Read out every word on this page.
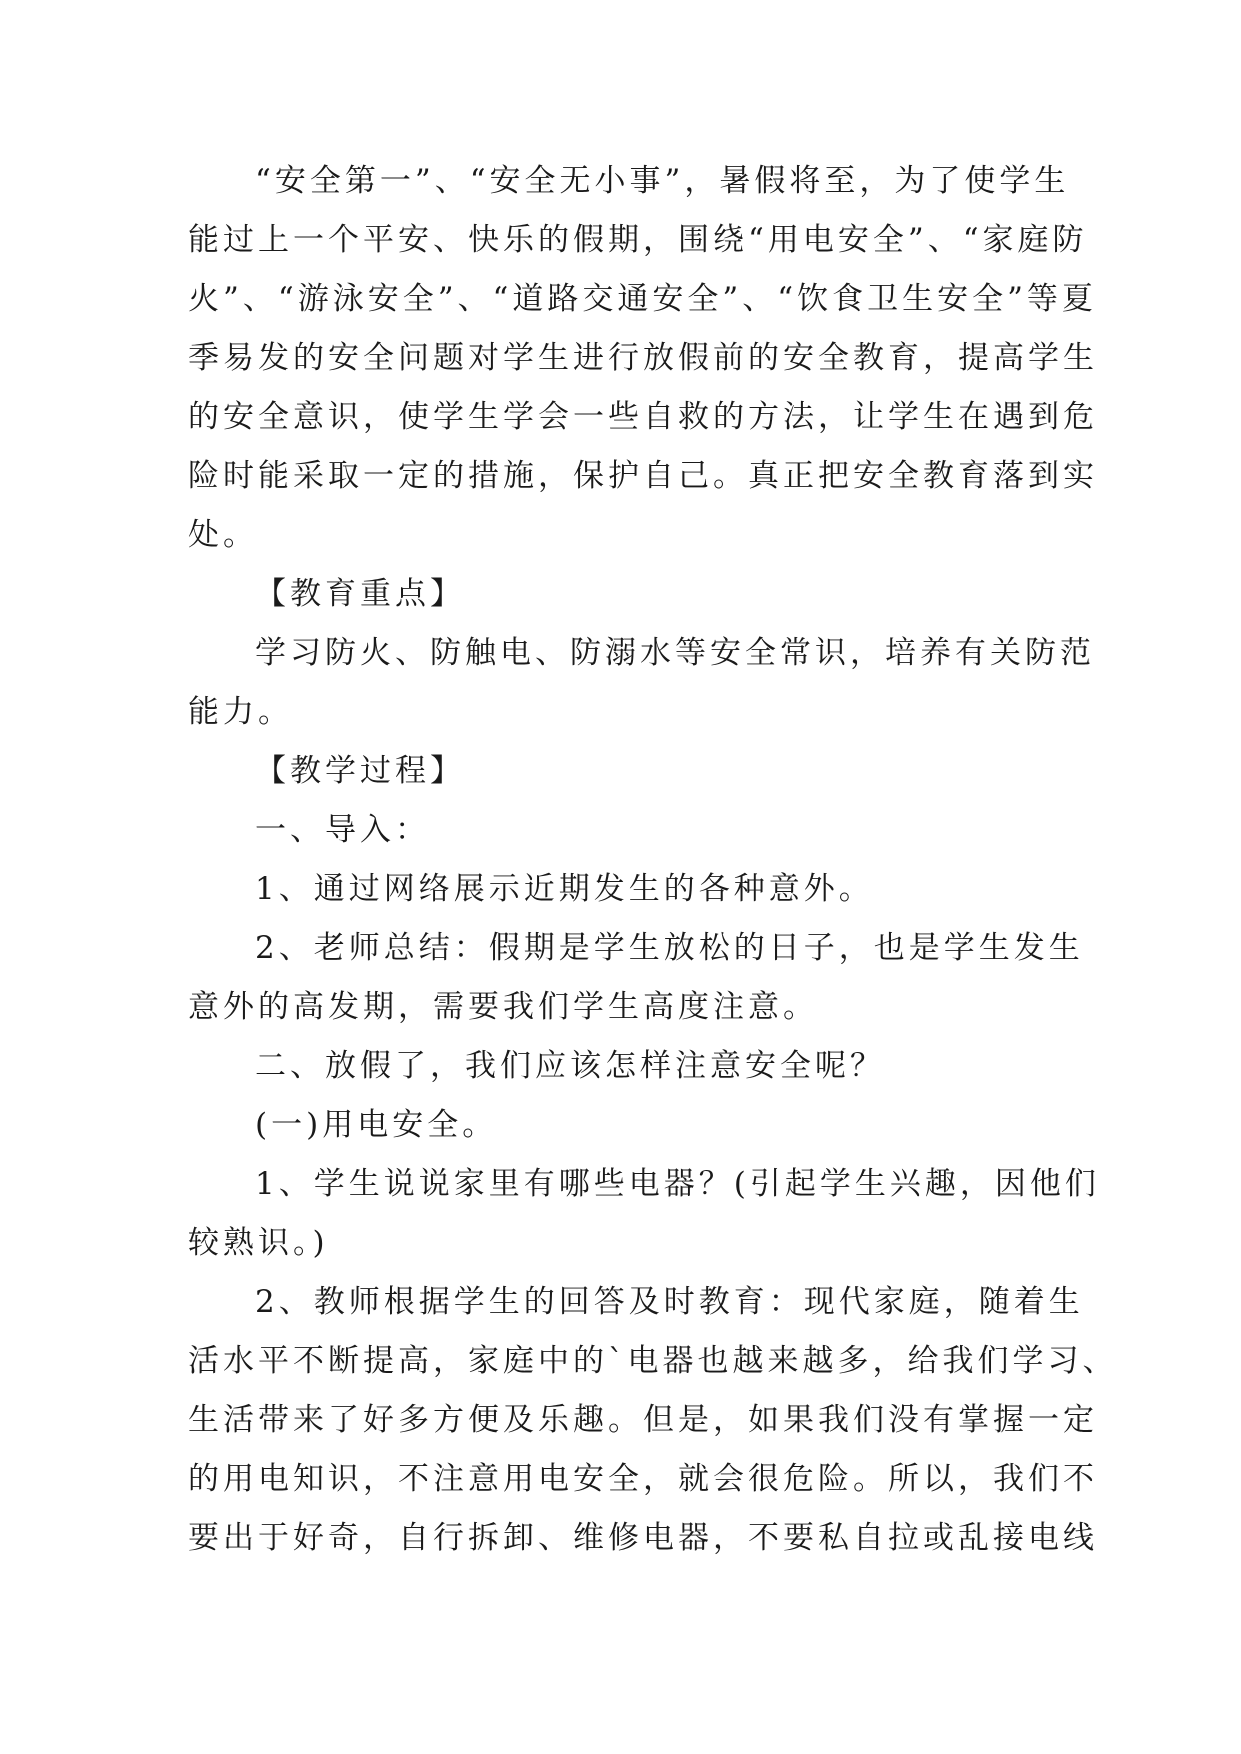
“安全第一”、“安全无小事”，暑假将至，为了使学生
能过上一个平安、快乐的假期，围绕“用电安全”、“家庭防
火”、“游泳安全”、“道路交通安全”、“饮食卫生安全”等夏
季易发的安全问题对学生进行放假前的安全教育，提高学生
的安全意识，使学生学会一些自救的方法，让学生在遇到危
险时能采取一定的措施，保护自己。真正把安全教育落到实
处。
【教育重点】
学习防火、防触电、防溺水等安全常识，培养有关防范
能力。
【教学过程】
一、导入：
1、通过网络展示近期发生的各种意外。
2、老师总结：假期是学生放松的日子，也是学生发生
意外的高发期，需要我们学生高度注意。
二、放假了，我们应该怎样注意安全呢？
(一)用电安全。
1、学生说说家里有哪些电器？(引起学生兴趣，因他们
较熟识。)
2、教师根据学生的回答及时教育：现代家庭，随着生
活水平不断提高，家庭中的`电器也越来越多，给我们学习、
生活带来了好多方便及乐趣。但是，如果我们没有掌握一定
的用电知识，不注意用电安全，就会很危险。所以，我们不
要出于好奇，自行拆卸、维修电器，不要私自拉或乱接电线
